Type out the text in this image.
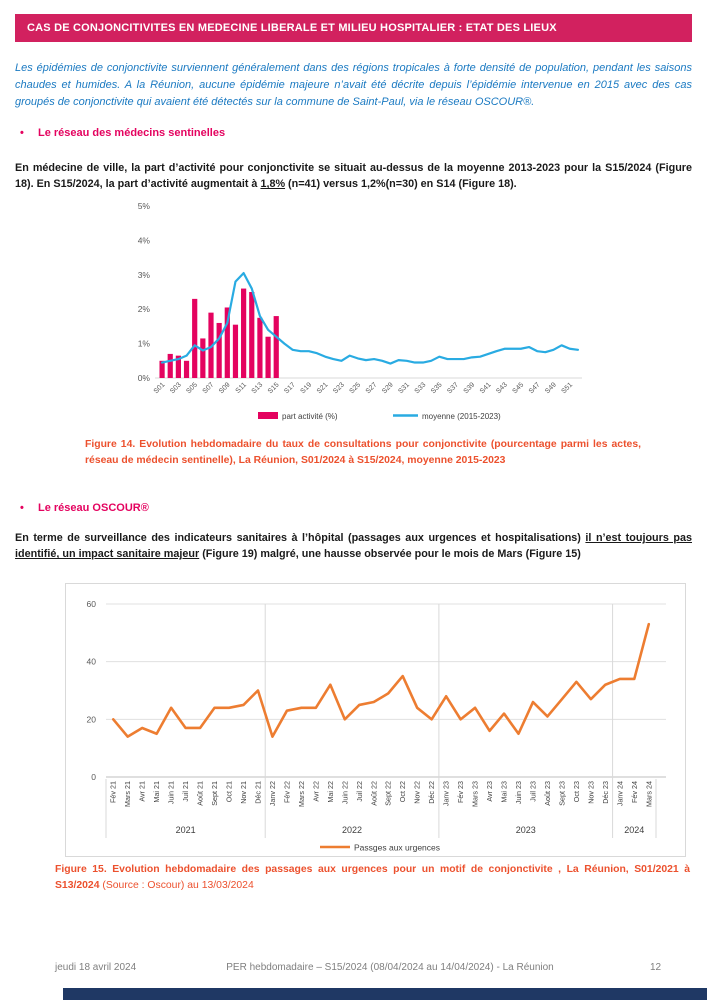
CAS DE CONJONCITIVITES EN MEDECINE LIBERALE ET MILIEU HOSPITALIER : ETAT DES LIEUX
Les épidémies de conjonctivite surviennent généralement dans des régions tropicales à forte densité de population, pendant les saisons chaudes et humides. A la Réunion, aucune épidémie majeure n’avait été décrite depuis l’épidémie intervenue en 2015 avec des cas groupés de conjonctivite qui avaient été détectés sur la commune de Saint-Paul, via le réseau OSCOUR®.
• Le réseau des médecins sentinelles
En médecine de ville, la part d’activité pour conjonctivite se situait au-dessus de la moyenne 2013-2023 pour la S15/2024 (Figure 18). En S15/2024, la part d’activité augmentait à 1,8% (n=41) versus 1,2%(n=30) en S14 (Figure 18).
0%
1%
2%
3%
4%
5%
S01 S03 S05 S07 S09 S11 S13 S15 S17 S19 S21 S23 S25 S27 S29 S31 S33 S35 S37 S39 S41 S43 S45 S47 S49 S51
part activité (%)	moyenne (2015-2023)
Figure 14. Evolution hebdomadaire du taux de consultations pour conjonctivite (pourcentage parmi les actes, réseau de médecin sentinelle), La Réunion, S01/2024 à S15/2024, moyenne 2015-2023
• Le réseau OSCOUR®
En terme de surveillance des indicateurs sanitaires à l’hôpital (passages aux urgences et hospitalisations) il n’est toujours pas identifié, un impact sanitaire majeur (Figure 19) malgré, une hausse observée pour le mois de Mars (Figure 15)
0
20
40
60
2021	2022	2023	2024
Fév 21 Mars 21 Avr 21 Mai 21 Juin 21 Juil 21 Août 21 Sept 21 Oct 21 Nov 21 Déc 21 Janv 22 Fév 22 Mars 22 Avr 22 Mai 22 Juin 22 Juil 22 Août 22 Sept 22 Oct 22 Nov 22 Déc 22 Janv 23 Fév 23 Mars 23 Avr 23 Mai 23 Juin 23 Juil 23 Août 23 Sept 23 Oct 23 Nov 23 Déc 23 Janv 24 Fév 24 Mars 24
Passges aux urgences
Figure 15. Evolution hebdomadaire des passages aux urgences pour un motif de conjonctivite , La Réunion, S01/2021 à S13/2024 (Source : Oscour) au 13/03/2024
jeudi 18 avril 2024	PER hebdomadaire – S15/2024 (08/04/2024 au 14/04/2024) - La Réunion	12
